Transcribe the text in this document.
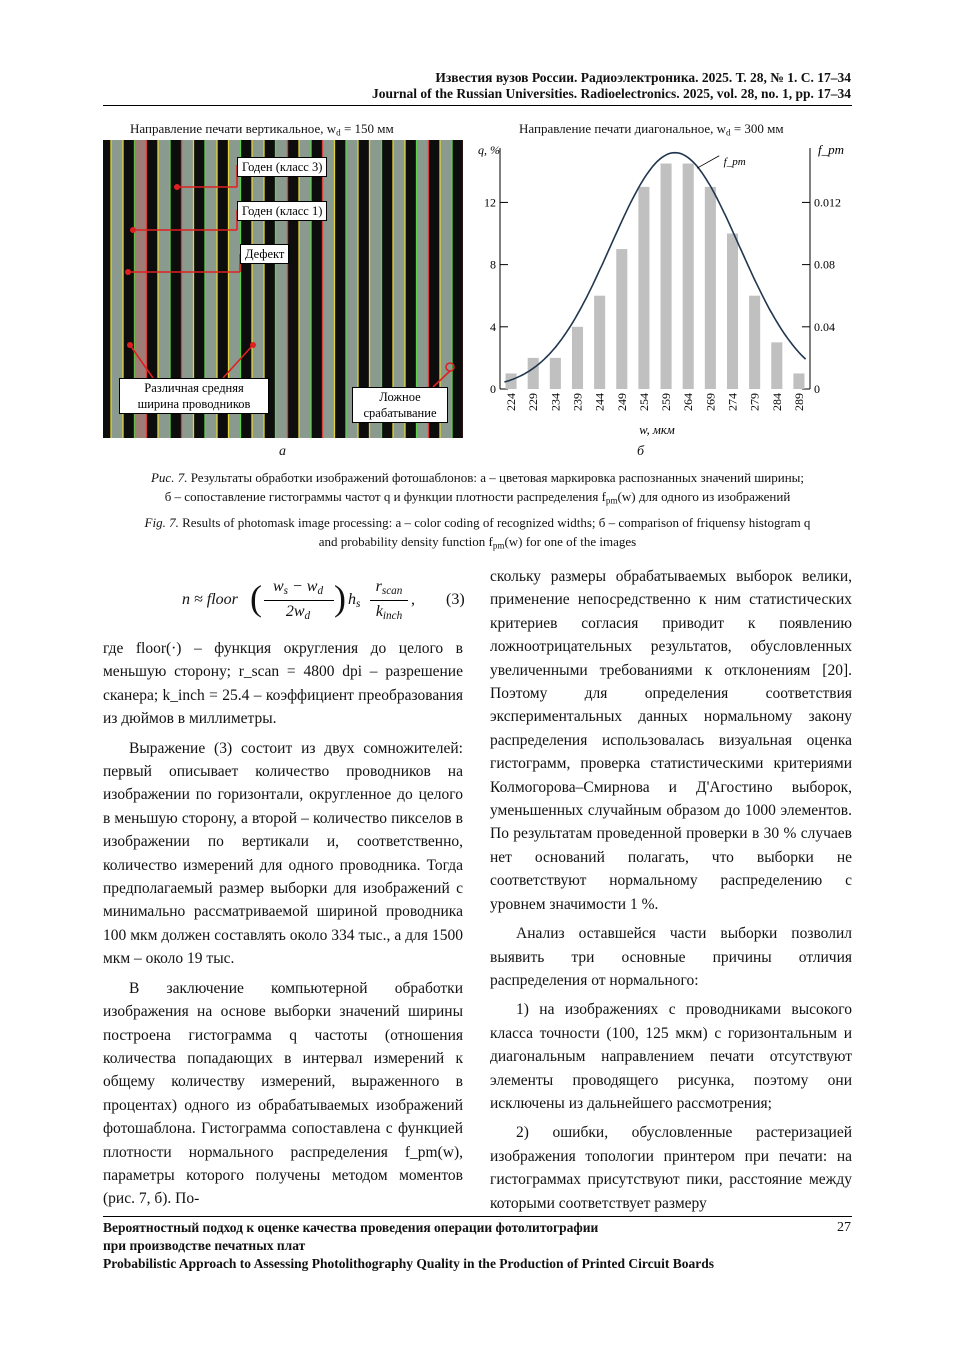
Известия вузов России. Радиоэлектроника. 2025. Т. 28, № 1. С. 17–34
Journal of the Russian Universities. Radioelectronics. 2025, vol. 28, no. 1, pp. 17–34
Направление печати вертикальное, $w_d = 150$ мм	Направление печати диагональное, $w_d = 300$ мм
Годен (класс 3)
Годен (класс 1)
Дефект
Различная средняя
ширина проводников	Ложное
срабатывание
а
0
4
8
12
0
0.04
0.08
0.012
q, %	f_pm
224 229 234 239 244 249 254 259 264 269 274 279 284 289
f_pm
w, мкм
б
Рис. 7. Результаты обработки изображений фотошаблонов: а – цветовая маркировка распознанных значений ширины;
б – сопоставление гистограммы частот q и функции плотности распределения $f_{pm}(w)$ для одного из изображений
Fig. 7. Results of photomask image processing: а – color coding of recognized widths; б – comparison of friquensy histogram q
and probability density function $f_{pm}(w)$ for one of the images
n ≈ floor ( $w_s - w_d$
$2w_d$ ) $h_s$
$r_{scan}$
$k_{inch}$
, (3)

где floor(·) – функция округления до целого в меньшую сторону; r_scan = 4800 dpi – разрешение сканера; k_inch = 25.4 – коэффициент преобразования из дюймов в миллиметры.

Выражение (3) состоит из двух сомножителей: первый описывает количество проводников на изображении по горизонтали, округленное до целого в меньшую сторону, а второй – количество пикселов в изображении по вертикали и, соответственно, количество измерений для одного проводника. Тогда предполагаемый размер выборки для изображений с минимально рассматриваемой шириной проводника 100 мкм должен составлять около 334 тыс., а для 1500 мкм – около 19 тыс.

В заключение компьютерной обработки изображения на основе выборки значений ширины построена гистограмма q частоты (отношения количества попадающих в интервал измерений к общему количеству измерений, выраженного в процентах) одного из обрабатываемых изображений фотошаблона. Гистограмма сопоставлена с функцией плотности нормального распределения f_pm(w), параметры которого получены методом моментов (рис. 7, б). По-

скольку размеры обрабатываемых выборок велики, применение непосредственно к ним статистических критериев согласия приводит к появлению ложноотрицательных результатов, обусловленных увеличенными требованиями к отклонениям [20]. Поэтому для определения соответствия экспериментальных данных нормальному закону распределения использовалась визуальная оценка гистограмм, проверка статистическими критериями Колмогорова–Смирнова и Д'Агостино выборок, уменьшенных случайным образом до 1000 элементов. По результатам проведенной проверки в 30 % случаев нет оснований полагать, что выборки не соответствуют нормальному распределению с уровнем значимости 1 %.

Анализ оставшейся части выборки позволил выявить три основные причины отличия распределения от нормального:

1) на изображениях с проводниками высокого класса точности (100, 125 мкм) с горизонтальным и диагональным направлением печати отсутствуют элементы проводящего рисунка, поэтому они исключены из дальнейшего рассмотрения;

2) ошибки, обусловленные растеризацией изображения топологии принтером при печати: на гистограммах присутствуют пики, расстояние между которыми соответствует размеру

Вероятностный подход к оценке качества проведения операции фотолитографии
при производстве печатных плат
Probabilistic Approach to Assessing Photolithography Quality in the Production of Printed Circuit Boards
27
